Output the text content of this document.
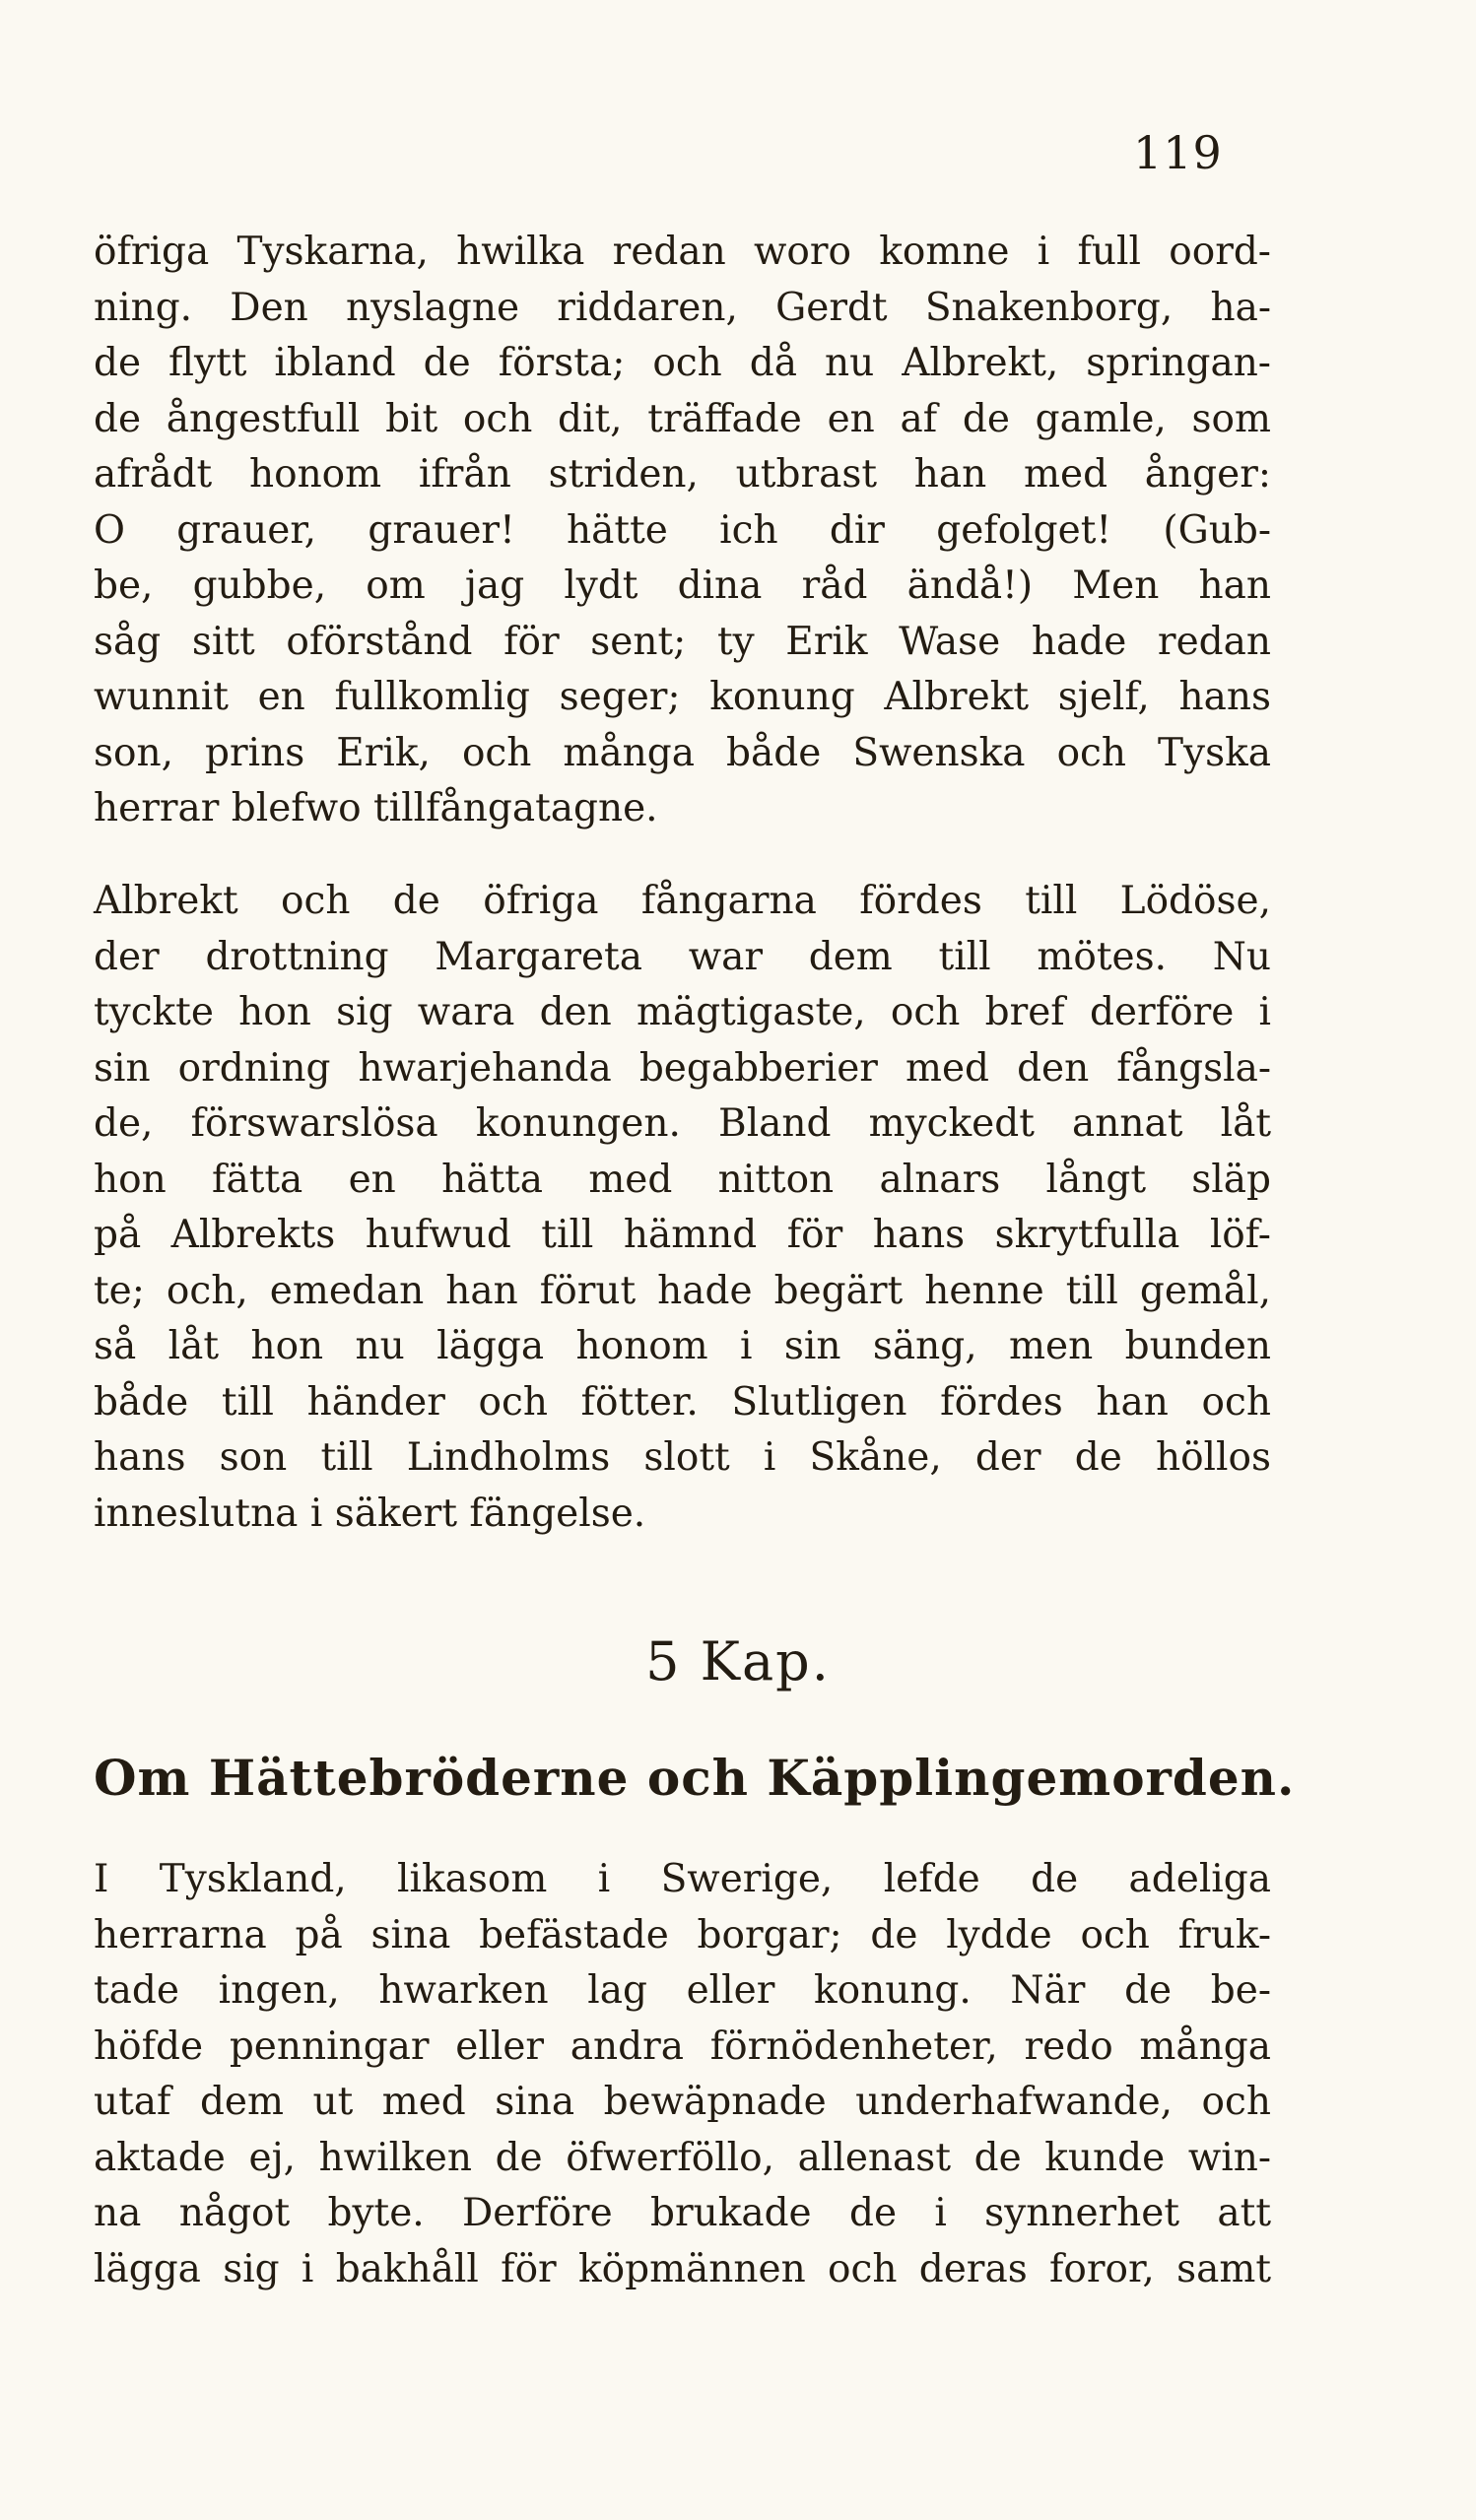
119
öfriga Tyskarna, hwilka redan woro komne i full oord-
ning. Den nyslagne riddaren, Gerdt Snakenborg, ha-
de flytt ibland de första; och då nu Albrekt, springan-
de ångestfull bit och dit, träffade en af de gamle, som
afrådt honom ifrån striden, utbrast han med ånger:
O grauer, grauer! hätte ich dir gefolget! (Gub-
be, gubbe, om jag lydt dina råd ändå!) Men han
såg sitt oförstånd för sent; ty Erik Wase hade redan
wunnit en fullkomlig seger; konung Albrekt sjelf, hans
son, prins Erik, och många både Swenska och Tyska
herrar blefwo tillfångatagne.
Albrekt och de öfriga fångarna fördes till Lödöse,
der drottning Margareta war dem till mötes. Nu
tyckte hon sig wara den mägtigaste, och bref derföre i
sin ordning hwarjehanda begabberier med den fångsla-
de, förswarslösa konungen. Bland myckedt annat låt
hon fätta en hätta med nitton alnars långt släp
på Albrekts hufwud till hämnd för hans skrytfulla löf-
te; och, emedan han förut hade begärt henne till gemål,
så låt hon nu lägga honom i sin säng, men bunden
både till händer och fötter. Slutligen fördes han och
hans son till Lindholms slott i Skåne, der de höllos
inneslutna i säkert fängelse.
5 Kap.
Om Hättebröderne och Käpplingemorden.
I Tyskland, likasom i Swerige, lefde de adeliga
herrarna på sina befästade borgar; de lydde och fruk-
tade ingen, hwarken lag eller konung. När de be-
höfde penningar eller andra förnödenheter, redo många
utaf dem ut med sina bewäpnade underhafwande, och
aktade ej, hwilken de öfwerföllo, allenast de kunde win-
na något byte. Derföre brukade de i synnerhet att
lägga sig i bakhåll för köpmännen och deras foror, samt
